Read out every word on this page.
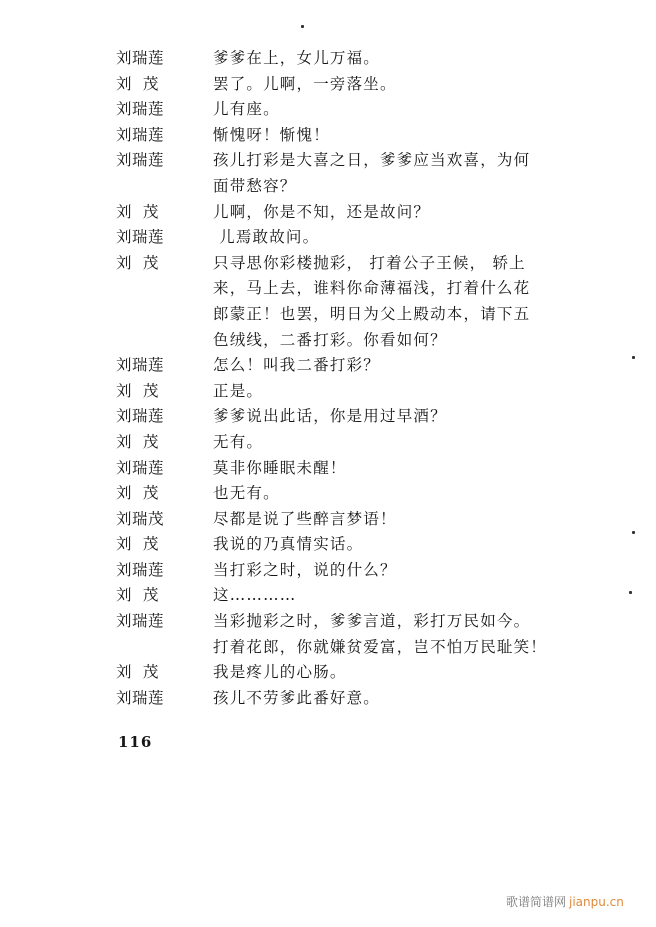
刘瑞莲	爹爹在上，女儿万福。
刘  茂	罢了。儿啊，一旁落坐。
刘瑞莲	儿有座。
刘瑞莲	惭愧呀！惭愧！
刘瑞莲	孩儿打彩是大喜之日，爹爹应当欢喜，为何
面带愁容？
刘  茂	儿啊，你是不知，还是故问？
刘瑞莲	儿焉敢故问。
刘  茂	只寻思你彩楼抛彩， 打着公子王候， 轿上
来，马上去，谁料你命薄福浅，打着什么花
郎蒙正！也罢，明日为父上殿动本，请下五
色绒线，二番打彩。你看如何？
刘瑞莲	怎么！叫我二番打彩？
刘  茂	正是。
刘瑞莲	爹爹说出此话，你是用过早酒？
刘  茂	无有。
刘瑞莲	莫非你睡眠未醒！
刘  茂	也无有。
刘瑞茂	尽都是说了些醉言梦语！
刘  茂	我说的乃真情实话。
刘瑞莲	当打彩之时，说的什么？
刘  茂	这…………
刘瑞莲	当彩抛彩之时，爹爹言道，彩打万民如今。
打着花郎，你就嫌贫爱富，岂不怕万民耻笑！
刘  茂	我是疼儿的心肠。
刘瑞莲	孩儿不劳爹此番好意。
116
歌谱简谱网 jianpu.cn
